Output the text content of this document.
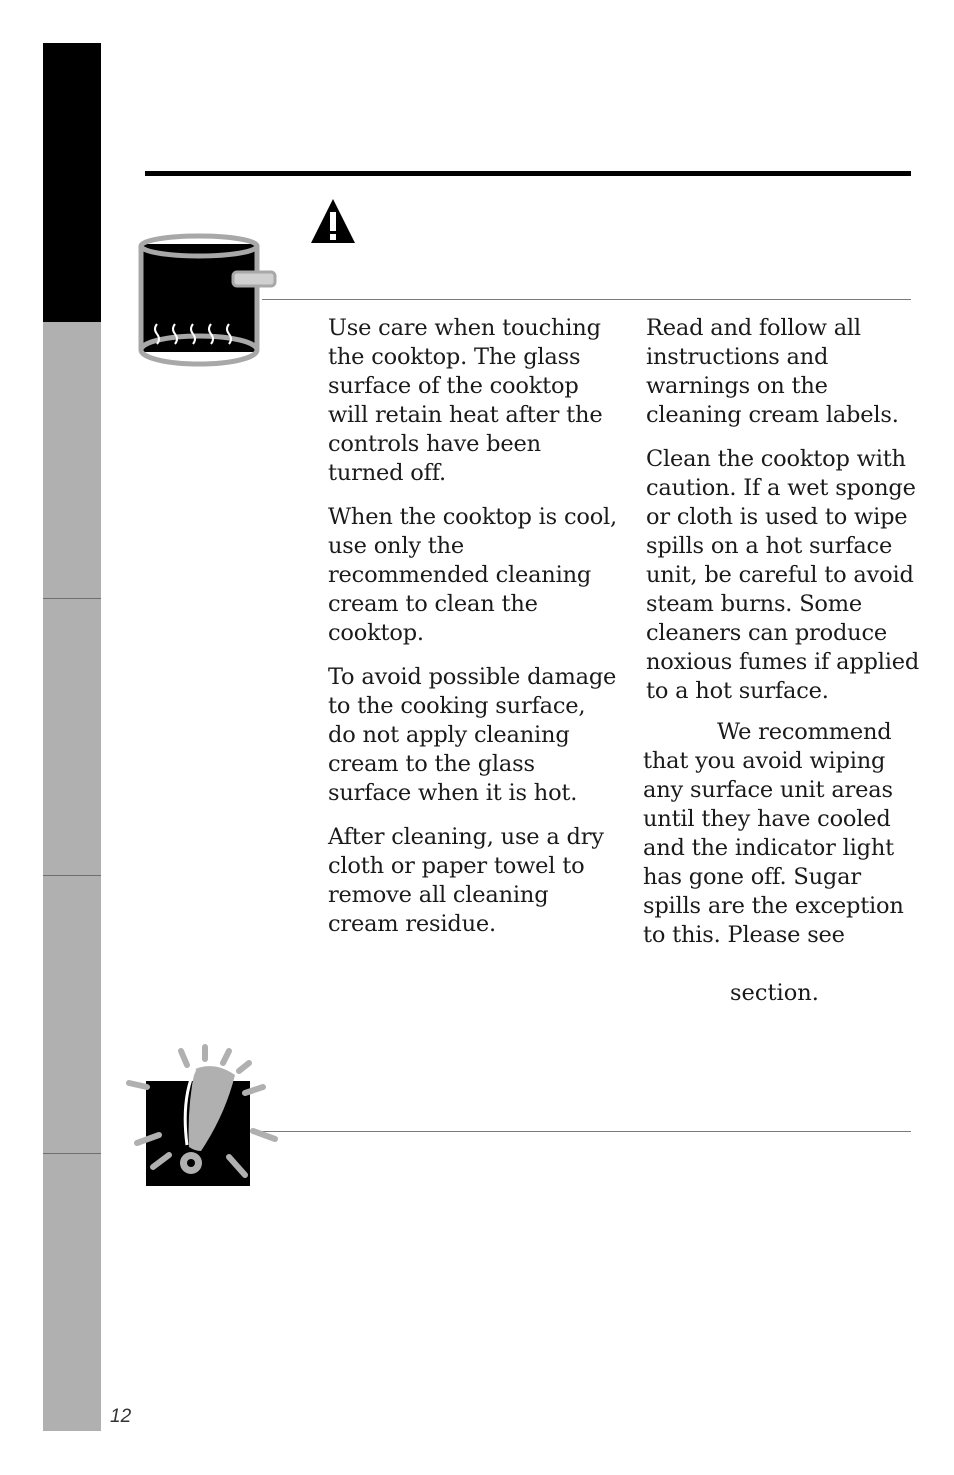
Use care when touching the cooktop. The glass surface of the cooktop will retain heat after the controls have been turned off.

When the cooktop is cool, use only the recommended cleaning cream to clean the cooktop.

To avoid possible damage to the cooking surface, do not apply cleaning cream to the glass surface when it is hot.

After cleaning, use a dry cloth or paper towel to remove all cleaning cream residue.

Read and follow all instructions and warnings on the cleaning cream labels.

Clean the cooktop with caution. If a wet sponge or cloth is used to wipe spills on a hot surface unit, be careful to avoid steam burns. Some cleaners can produce noxious fumes if applied to a hot surface.

We recommend
that you avoid wiping
any surface unit areas
until they have cooled
and the indicator light
has gone off. Sugar
spills are the exception
to this. Please see
section.
12
